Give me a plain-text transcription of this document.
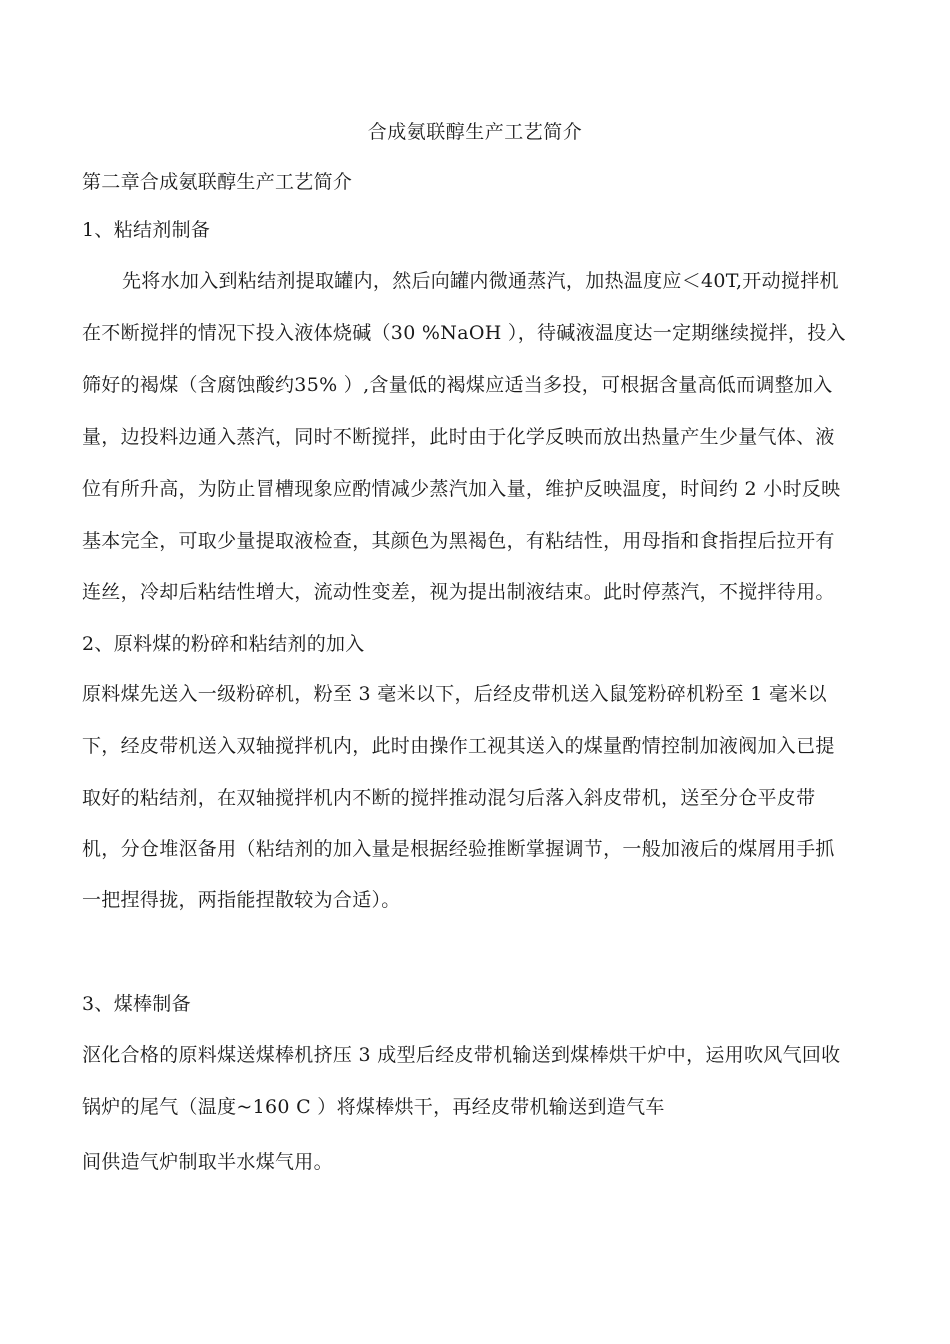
合成氨联醇生产工艺简介
第二章合成氨联醇生产工艺简介
1、粘结剂制备
先将水加入到粘结剂提取罐内，然后向罐内微通蒸汽，加热温度应＜40T,开动搅拌机
在不断搅拌的情况下投入液体烧碱（30 %NaOH ），待碱液温度达一定期继续搅拌，投入
筛好的褐煤（含腐蚀酸约35% ）,含量低的褐煤应适当多投，可根据含量高低而调整加入
量，边投料边通入蒸汽，同时不断搅拌，此时由于化学反映而放出热量产生少量气体、液
位有所升高，为防止冒槽现象应酌情减少蒸汽加入量，维护反映温度，时间约 2 小时反映
基本完全，可取少量提取液检查，其颜色为黑褐色，有粘结性，用母指和食指捏后拉开有
连丝，冷却后粘结性增大，流动性变差，视为提出制液结束。此时停蒸汽，不搅拌待用。
2、原料煤的粉碎和粘结剂的加入
原料煤先送入一级粉碎机，粉至 3 毫米以下，后经皮带机送入鼠笼粉碎机粉至 1 毫米以
下，经皮带机送入双轴搅拌机内，此时由操作工视其送入的煤量酌情控制加液阀加入已提
取好的粘结剂，在双轴搅拌机内不断的搅拌推动混匀后落入斜皮带机，送至分仓平皮带
机，分仓堆沤备用（粘结剂的加入量是根据经验推断掌握调节，一般加液后的煤屑用手抓
一把捏得拢，两指能捏散较为合适）。
3、煤棒制备
沤化合格的原料煤送煤棒机挤压 3 成型后经皮带机输送到煤棒烘干炉中，运用吹风气回收
锅炉的尾气（温度~160 C ）将煤棒烘干，再经皮带机输送到造气车
间供造气炉制取半水煤气用。
